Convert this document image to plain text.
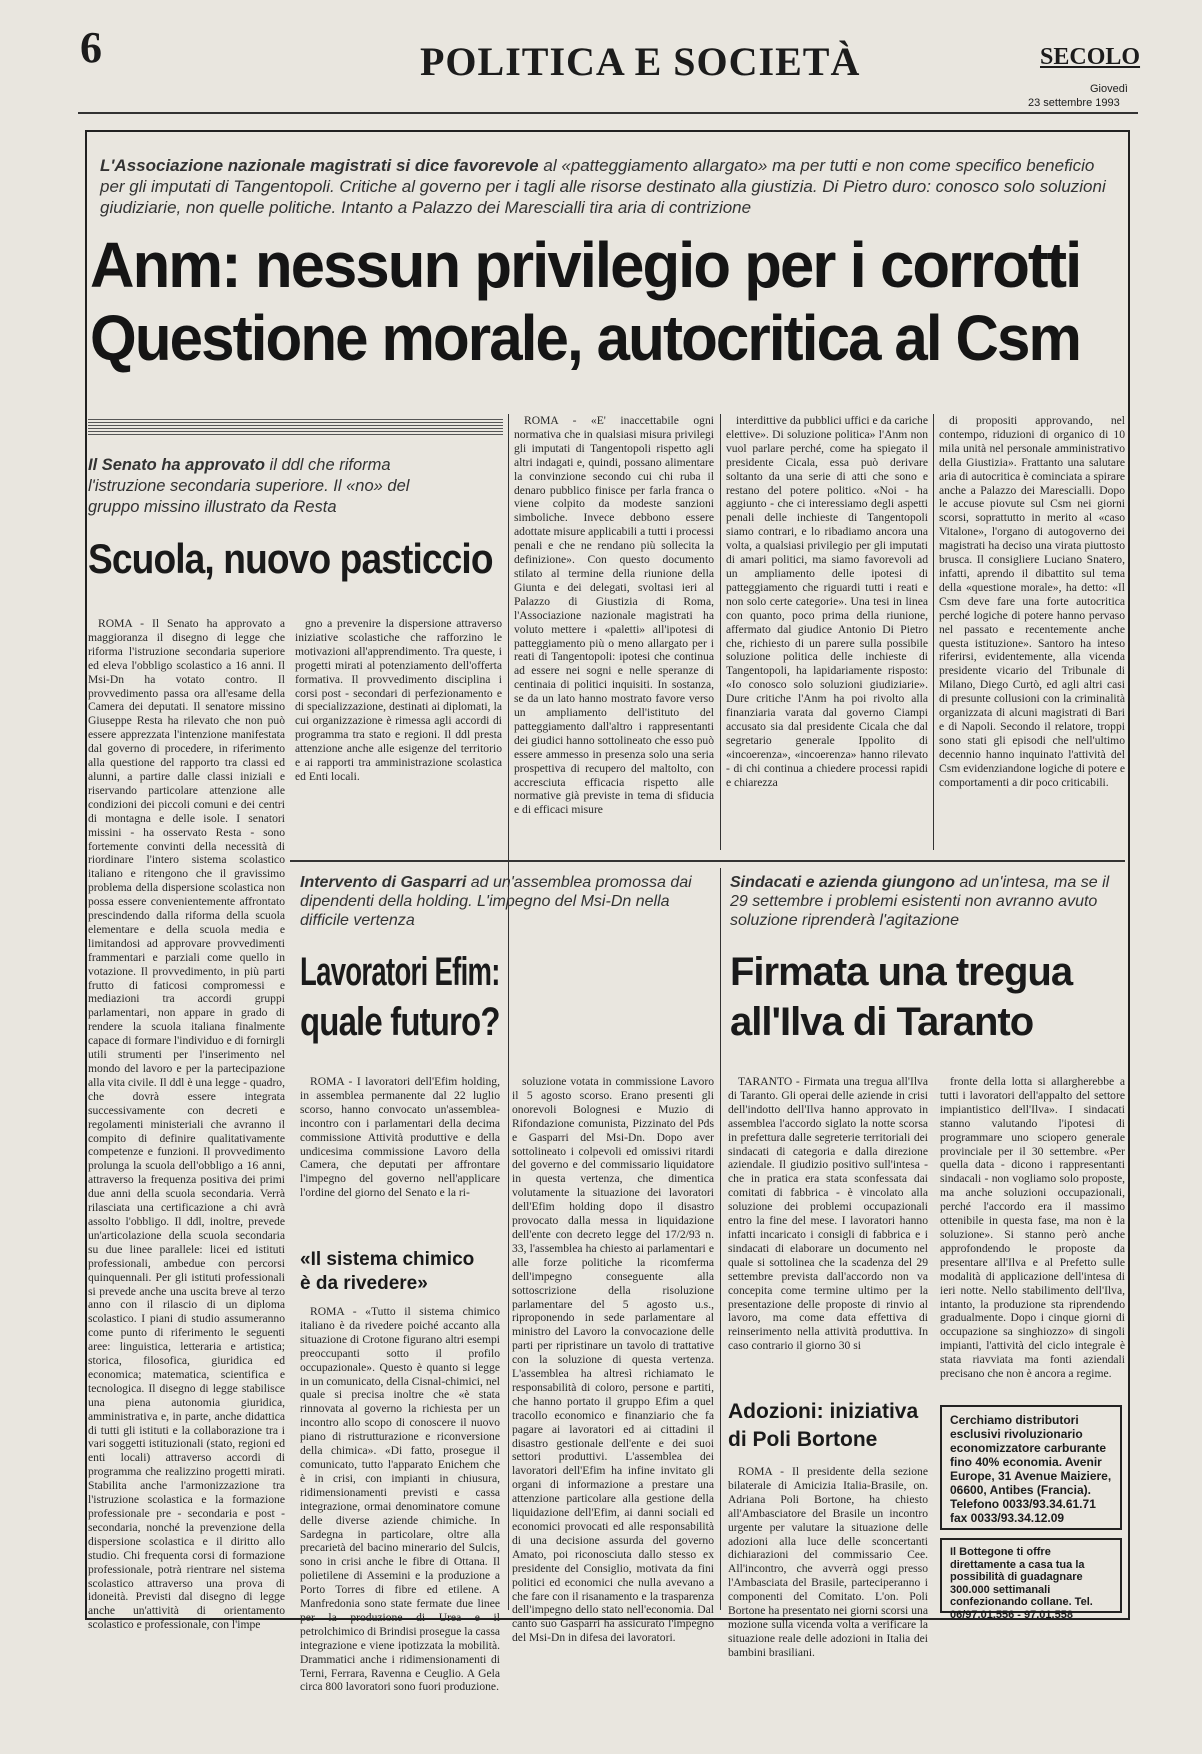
6	POLITICA E SOCIETÀ	SECOLO
Giovedì
23 settembre 1993
L'Associazione nazionale magistrati si dice favorevole al «patteggiamento allargato» ma per tutti e non come specifico beneficio per gli imputati di Tangentopoli. Critiche al governo per i tagli alle risorse destinato alla giustizia. Di Pietro duro: conosco solo soluzioni giudiziarie, non quelle politiche. Intanto a Palazzo dei Marescialli tira aria di contrizione
Anm: nessun privilegio per i corrotti
Questione morale, autocritica al Csm
Il Senato ha approvato il ddl che riforma l'istruzione secondaria superiore. Il «no» del gruppo missino illustrato da Resta
Scuola, nuovo pasticcio

ROMA - Il Senato ha approvato a maggioranza il disegno di legge che riforma l'istruzione secondaria superiore ed eleva l'obbligo scolastico a 16 anni. Il Msi-Dn ha votato contro. Il provvedimento passa ora all'esame della Camera dei deputati. Il senatore missino Giuseppe Resta ha rilevato che non può essere apprezzata l'intenzione manifestata dal governo di procedere, in riferimento alla questione del rapporto tra classi ed alunni, a partire dalle classi iniziali e riservando particolare attenzione alle condizioni dei piccoli comuni e dei centri di montagna e delle isole. I senatori missini - ha osservato Resta - sono fortemente convinti della necessità di riordinare l'intero sistema scolastico italiano e ritengono che il gravissimo problema della dispersione scolastica non possa essere convenientemente affrontato prescindendo dalla riforma della scuola elementare e della scuola media e limitandosi ad approvare provvedimenti frammentari e parziali come quello in votazione. Il provvedimento, in più parti frutto di faticosi compromessi e mediazioni tra accordi gruppi parlamentari, non appare in grado di rendere la scuola italiana finalmente capace di formare l'individuo e di fornirgli utili strumenti per l'inserimento nel mondo del lavoro e per la partecipazione alla vita civile. Il ddl è una legge - quadro, che dovrà essere integrata successivamente con decreti e regolamenti ministeriali che avranno il compito di definire qualitativamente competenze e funzioni. Il provvedimento prolunga la scuola dell'obbligo a 16 anni, attraverso la frequenza positiva dei primi due anni della scuola secondaria. Verrà rilasciata una certificazione a chi avrà assolto l'obbligo. Il ddl, inoltre, prevede un'articolazione della scuola secondaria su due linee parallele: licei ed istituti professionali, ambedue con percorsi quinquennali. Per gli istituti professionali si prevede anche una uscita breve al terzo anno con il rilascio di un diploma scolastico. I piani di studio assumeranno come punto di riferimento le seguenti aree: linguistica, letteraria e artistica; storica, filosofica, giuridica ed economica; matematica, scientifica e tecnologica. Il disegno di legge stabilisce una piena autonomia giuridica, amministrativa e, in parte, anche didattica di tutti gli istituti e la collaborazione tra i vari soggetti istituzionali (stato, regioni ed enti locali) attraverso accordi di programma che realizzino progetti mirati. Stabilita anche l'armonizzazione tra l'istruzione scolastica e la formazione professionale pre - secondaria e post - secondaria, nonché la prevenzione della dispersione scolastica e il diritto allo studio. Chi frequenta corsi di formazione professionale, potrà rientrare nel sistema scolastico attraverso una prova di idoneità. Previsti dal disegno di legge anche un'attività di orientamento scolastico e professionale, con l'impe

gno a prevenire la dispersione attraverso iniziative scolastiche che rafforzino le motivazioni all'apprendimento. Tra queste, i progetti mirati al potenziamento dell'offerta formativa. Il provvedimento disciplina i corsi post - secondari di perfezionamento e di specializzazione, destinati ai diplomati, la cui organizzazione è rimessa agli accordi di programma tra stato e regioni. Il ddl presta attenzione anche alle esigenze del territorio e ai rapporti tra amministrazione scolastica ed Enti locali.

ROMA - «E' inaccettabile ogni normativa che in qualsiasi misura privilegi gli imputati di Tangentopoli rispetto agli altri indagati e, quindi, possano alimentare la convinzione secondo cui chi ruba il denaro pubblico finisce per farla franca o viene colpito da modeste sanzioni simboliche. Invece debbono essere adottate misure applicabili a tutti i processi penali e che ne rendano più sollecita la definizione». Con questo documento stilato al termine della riunione della Giunta e dei delegati, svoltasi ieri al Palazzo di Giustizia di Roma, l'Associazione nazionale magistrati ha voluto mettere i «paletti» all'ipotesi di patteggiamento più o meno allargato per i reati di Tangentopoli: ipotesi che continua ad essere nei sogni e nelle speranze di centinaia di politici inquisiti. In sostanza, se da un lato hanno mostrato favore verso un ampliamento dell'istituto del patteggiamento dall'altro i rappresentanti dei giudici hanno sottolineato che esso può essere ammesso in presenza solo una seria prospettiva di recupero del maltolto, con accresciuta efficacia rispetto alle normative già previste in tema di sfiducia e di efficaci misure

interdittive da pubblici uffici e da cariche elettive». Di soluzione politica» l'Anm non vuol parlare perché, come ha spiegato il presidente Cicala, essa può derivare soltanto da una serie di atti che sono e restano del potere politico. «Noi - ha aggiunto - che ci interessiamo degli aspetti penali delle inchieste di Tangentopoli siamo contrari, e lo ribadiamo ancora una volta, a qualsiasi privilegio per gli imputati di amari politici, ma siamo favorevoli ad un ampliamento delle ipotesi di patteggiamento che riguardi tutti i reati e non solo certe categorie». Una tesi in linea con quanto, poco prima della riunione, affermato dal giudice Antonio Di Pietro che, richiesto di un parere sulla possibile soluzione politica delle inchieste di Tangentopoli, ha lapidariamente risposto: «Io conosco solo soluzioni giudiziarie». Dure critiche l'Anm ha poi rivolto alla finanziaria varata dal governo Ciampi accusato sia dal presidente Cicala che dal segretario generale Ippolito di «incoerenza», «incoerenza» hanno rilevato - di chi continua a chiedere processi rapidi e chiarezza

di propositi approvando, nel contempo, riduzioni di organico di 10 mila unità nel personale amministrativo della Giustizia». Frattanto una salutare aria di autocritica è cominciata a spirare anche a Palazzo dei Marescialli. Dopo le accuse piovute sul Csm nei giorni scorsi, soprattutto in merito al «caso Vitalone», l'organo di autogoverno dei magistrati ha deciso una virata piuttosto brusca. Il consigliere Luciano Snatero, infatti, aprendo il dibattito sul tema della «questione morale», ha detto: «Il Csm deve fare una forte autocritica perché logiche di potere hanno pervaso nel passato e recentemente anche questa istituzione». Santoro ha inteso riferirsi, evidentemente, alla vicenda presidente vicario del Tribunale di Milano, Diego Curtò, ed agli altri casi di presunte collusioni con la criminalità organizzata di alcuni magistrati di Bari e di Napoli. Secondo il relatore, troppi sono stati gli episodi che nell'ultimo decennio hanno inquinato l'attività del Csm evidenziandone logiche di potere e comportamenti a dir poco criticabili.

Intervento di Gasparri ad un'assemblea promossa dai dipendenti della holding. L'impegno del Msi-Dn nella difficile vertenza
Lavoratori Efim:
quale futuro?

ROMA - I lavoratori dell'Efim holding, in assemblea permanente dal 22 luglio scorso, hanno convocato un'assemblea-incontro con i parlamentari della decima commissione Attività produttive e della undicesima commissione Lavoro della Camera, che deputati per affrontare l'impegno del governo nell'applicare l'ordine del giorno del Senato e la ri-

«Il sistema chimico è da rivedere»

ROMA - «Tutto il sistema chimico italiano è da rivedere poiché accanto alla situazione di Crotone figurano altri esempi preoccupanti sotto il profilo occupazionale». Questo è quanto si legge in un comunicato, della Cisnal-chimici, nel quale si precisa inoltre che «è stata rinnovata al governo la richiesta per un incontro allo scopo di conoscere il nuovo piano di ristrutturazione e riconversione della chimica». «Di fatto, prosegue il comunicato, tutto l'apparato Enichem che è in crisi, con impianti in chiusura, ridimensionamenti previsti e cassa integrazione, ormai denominatore comune delle diverse aziende chimiche. In Sardegna in particolare, oltre alla precarietà del bacino minerario del Sulcis, sono in crisi anche le fibre di Ottana. Il polietilene di Assemini e la produzione a Porto Torres di fibre ed etilene. A Manfredonia sono state fermate due linee per la produzione di Urea e il petrolchimico di Brindisi prosegue la cassa integrazione e viene ipotizzata la mobilità. Drammatici anche i ridimensionamenti di Terni, Ferrara, Ravenna e Ceuglio. A Gela circa 800 lavoratori sono fuori produzione.

soluzione votata in commissione Lavoro il 5 agosto scorso. Erano presenti gli onorevoli Bolognesi e Muzio di Rifondazione comunista, Pizzinato del Pds e Gasparri del Msi-Dn. Dopo aver sottolineato i colpevoli ed omissivi ritardi del governo e del commissario liquidatore in questa vertenza, che dimentica volutamente la situazione dei lavoratori dell'Efim holding dopo il disastro provocato dalla messa in liquidazione dell'ente con decreto legge del 17/2/93 n. 33, l'assemblea ha chiesto ai parlamentari e alle forze politiche la ricomferma dell'impegno conseguente alla sottoscrizione della risoluzione parlamentare del 5 agosto u.s., riproponendo in sede parlamentare al ministro del Lavoro la convocazione delle parti per ripristinare un tavolo di trattative con la soluzione di questa vertenza. L'assemblea ha altresì richiamato le responsabilità di coloro, persone e partiti, che hanno portato il gruppo Efim a quel tracollo economico e finanziario che fa pagare ai lavoratori ed ai cittadini il disastro gestionale dell'ente e dei suoi settori produttivi. L'assemblea dei lavoratori dell'Efim ha infine invitato gli organi di informazione a prestare una attenzione particolare alla gestione della liquidazione dell'Efim, ai danni sociali ed economici provocati ed alle responsabilità di una decisione assurda del governo Amato, poi riconosciuta dallo stesso ex presidente del Consiglio, motivata da fini politici ed economici che nulla avevano a che fare con il risanamento e la trasparenza dell'impegno dello stato nell'economia. Dal canto suo Gasparri ha assicurato l'impegno del Msi-Dn in difesa dei lavoratori.

Sindacati e azienda giungono ad un'intesa, ma se il 29 settembre i problemi esistenti non avranno avuto soluzione riprenderà l'agitazione
Firmata una tregua
all'Ilva di Taranto

TARANTO - Firmata una tregua all'Ilva di Taranto. Gli operai delle aziende in crisi dell'indotto dell'Ilva hanno approvato in assemblea l'accordo siglato la notte scorsa in prefettura dalle segreterie territoriali dei sindacati di categoria e dalla direzione aziendale. Il giudizio positivo sull'intesa - che in pratica era stata sconfessata dai comitati di fabbrica - è vincolato alla soluzione dei problemi occupazionali entro la fine del mese. I lavoratori hanno infatti incaricato i consigli di fabbrica e i sindacati di elaborare un documento nel quale si sottolinea che la scadenza del 29 settembre prevista dall'accordo non va concepita come termine ultimo per la presentazione delle proposte di rinvio al lavoro, ma come data effettiva di reinserimento nella attività produttiva. In caso contrario il giorno 30 si

fronte della lotta si allargherebbe a tutti i lavoratori dell'appalto del settore impiantistico dell'Ilva». I sindacati stanno valutando l'ipotesi di programmare uno sciopero generale provinciale per il 30 settembre. «Per quella data - dicono i rappresentanti sindacali - non vogliamo solo proposte, ma anche soluzioni occupazionali, perché l'accordo era il massimo ottenibile in questa fase, ma non è la soluzione». Si stanno però anche approfondendo le proposte da presentare all'Ilva e al Prefetto sulle modalità di applicazione dell'intesa di ieri notte. Nello stabilimento dell'Ilva, intanto, la produzione sta riprendendo gradualmente. Dopo i cinque giorni di occupazione sa singhiozzo» di singoli impianti, l'attività del ciclo integrale è stata riavviata ma fonti aziendali precisano che non è ancora a regime.

Adozioni: iniziativa
di Poli Bortone

ROMA - Il presidente della sezione bilaterale di Amicizia Italia-Brasile, on. Adriana Poli Bortone, ha chiesto all'Ambasciatore del Brasile un incontro urgente per valutare la situazione delle adozioni alla luce delle sconcertanti dichiarazioni del commissario Cee. All'incontro, che avverrà oggi presso l'Ambasciata del Brasile, parteciperanno i componenti del Comitato. L'on. Poli Bortone ha presentato nei giorni scorsi una mozione sulla vicenda volta a verificare la situazione reale delle adozioni in Italia dei bambini brasiliani.

Cerchiamo distributori esclusivi rivoluzionario economizzatore carburante fino 40% economia. Avenir Europe, 31 Avenue Maiziere, 06600, Antibes (Francia). Telefono 0033/93.34.61.71 fax 0033/93.34.12.09
Il Bottegone ti offre direttamente a casa tua la possibilità di guadagnare 300.000 settimanali confezionando collane. Tel. 06/97.01.556 - 97.01.558
